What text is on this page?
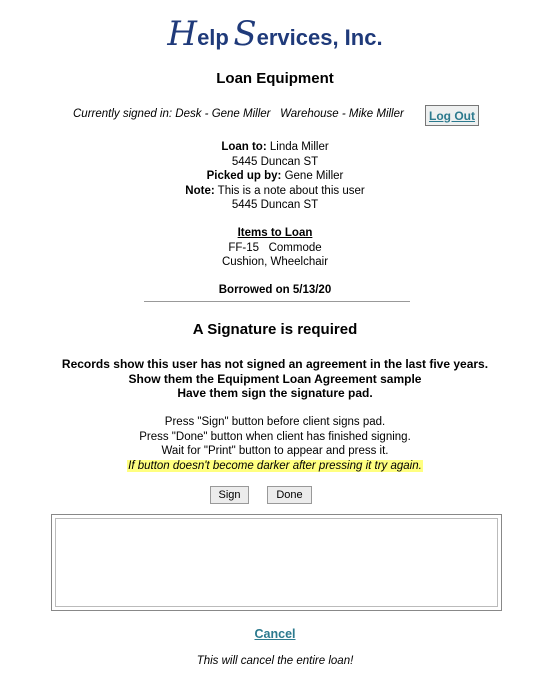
Help Services, Inc.
Loan Equipment
Currently signed in: Desk - Gene Miller   Warehouse - Mike Miller	Log Out
Loan to: Linda Miller
5445 Duncan ST
Picked up by: Gene Miller
Note: This is a note about this user
5445 Duncan ST
Items to Loan
FF-15   Commode
Cushion, Wheelchair
Borrowed on 5/13/20
A Signature is required
Records show this user has not signed an agreement in the last five years.
Show them the Equipment Loan Agreement sample
Have them sign the signature pad.
Press "Sign" button before client signs pad.
Press "Done" button when client has finished signing.
Wait for "Print" button to appear and press it.
If button doesn't become darker after pressing it try again.
Sign	Done
Cancel
This will cancel the entire loan!
